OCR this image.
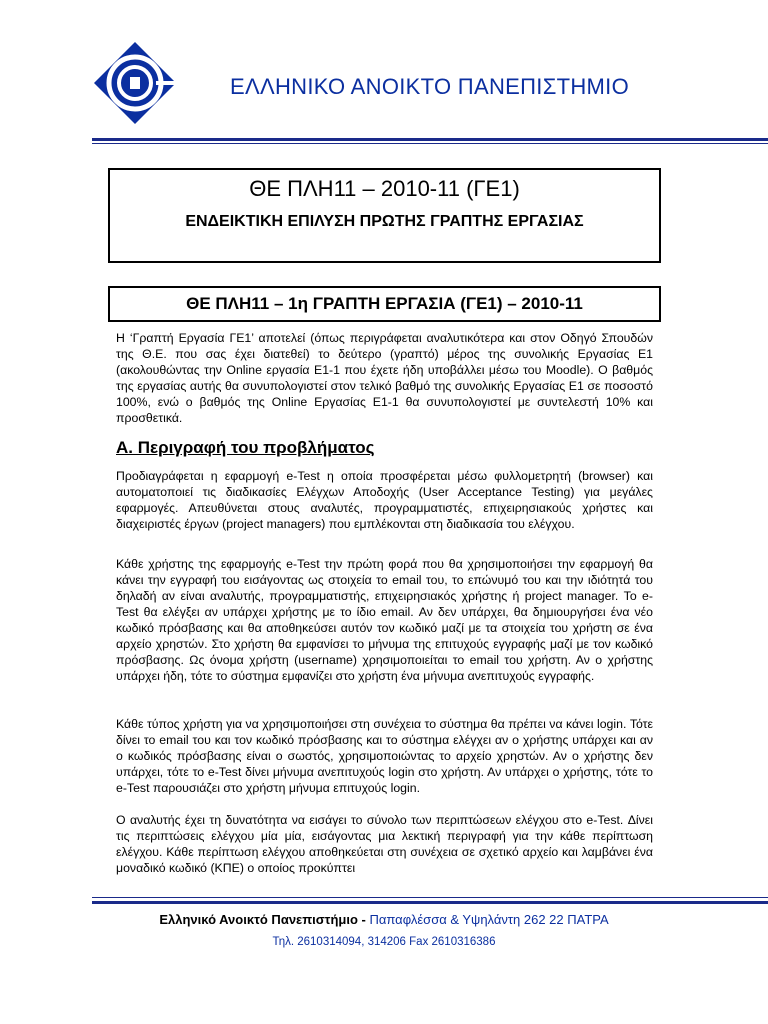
ΕΛΛΗΝΙΚΟ ΑΝΟΙΚΤΟ ΠΑΝΕΠΙΣΤΗΜΙΟ
ΘΕ ΠΛΗ11 – 2010-11 (ΓΕ1)
ΕΝΔΕΙΚΤΙΚΗ ΕΠΙΛΥΣΗ ΠΡΩΤΗΣ ΓΡΑΠΤΗΣ ΕΡΓΑΣΙΑΣ
ΘΕ ΠΛΗ11 – 1η ΓΡΑΠΤΗ ΕΡΓΑΣΙΑ (ΓΕ1) – 2010-11

Η ‘Γραπτή Εργασία ΓΕ1’ αποτελεί (όπως περιγράφεται αναλυτικότερα και στον Οδηγό Σπουδών της Θ.Ε. που σας έχει διατεθεί) το δεύτερο (γραπτό) μέρος της συνολικής Εργασίας Ε1 (ακολουθώντας την Online εργασία Ε1-1 που έχετε ήδη υποβάλλει μέσω του Moodle). Ο βαθμός της εργασίας αυτής θα συνυπολογιστεί στον τελικό βαθμό της συνολικής Εργασίας Ε1 σε ποσοστό 100%, ενώ ο βαθμός της Online Εργασίας Ε1-1 θα συνυπολογιστεί με συντελεστή 10% και προσθετικά.

Α. Περιγραφή του προβλήματος

Προδιαγράφεται η εφαρμογή e-Test η οποία προσφέρεται μέσω φυλλομετρητή (browser) και αυτοματοποιεί τις διαδικασίες Ελέγχων Αποδοχής (User Acceptance Testing) για μεγάλες εφαρμογές. Απευθύνεται στους αναλυτές, προγραμματιστές, επιχειρησιακούς χρήστες και διαχειριστές έργων (project managers) που εμπλέκονται στη διαδικασία του ελέγχου.

Κάθε χρήστης της εφαρμογής e-Test την πρώτη φορά που θα χρησιμοποιήσει την εφαρμογή θα κάνει την εγγραφή του εισάγοντας ως στοιχεία το email του, το επώνυμό του και την ιδιότητά του δηλαδή αν είναι αναλυτής, προγραμματιστής, επιχειρησιακός χρήστης ή project manager. Το e-Test θα ελέγξει αν υπάρχει χρήστης με το ίδιο email. Αν δεν υπάρχει, θα δημιουργήσει ένα νέο κωδικό πρόσβασης και θα αποθηκεύσει αυτόν τον κωδικό μαζί με τα στοιχεία του χρήστη σε ένα αρχείο χρηστών. Στο χρήστη θα εμφανίσει το μήνυμα της επιτυχούς εγγραφής μαζί με τον κωδικό πρόσβασης. Ως όνομα χρήστη (username) χρησιμοποιείται το email του χρήστη. Αν ο χρήστης υπάρχει ήδη, τότε το σύστημα εμφανίζει στο χρήστη ένα μήνυμα ανεπιτυχούς εγγραφής.

Κάθε τύπος χρήστη για να χρησιμοποιήσει στη συνέχεια το σύστημα θα πρέπει να κάνει login. Τότε δίνει το email του και τον κωδικό πρόσβασης και το σύστημα ελέγχει αν ο χρήστης υπάρχει και αν ο κωδικός πρόσβασης είναι ο σωστός, χρησιμοποιώντας το αρχείο χρηστών. Αν ο χρήστης δεν υπάρχει, τότε το e-Test δίνει μήνυμα ανεπιτυχούς login στο χρήστη. Αν υπάρχει ο χρήστης, τότε το e-Test παρουσιάζει στο χρήστη μήνυμα επιτυχούς login.

Ο αναλυτής έχει τη δυνατότητα να εισάγει το σύνολο των περιπτώσεων ελέγχου στο e-Test. Δίνει τις περιπτώσεις ελέγχου μία μία, εισάγοντας μια λεκτική περιγραφή για την κάθε περίπτωση ελέγχου. Κάθε περίπτωση ελέγχου αποθηκεύεται στη συνέχεια σε σχετικό αρχείο και λαμβάνει ένα μοναδικό κωδικό (ΚΠΕ) ο οποίος προκύπτει

Ελληνικό Ανοικτό Πανεπιστήμιο - Παπαφλέσσα & Υψηλάντη 262 22 ΠΑΤΡΑ
Τηλ. 2610314094, 314206 Fax 2610316386
